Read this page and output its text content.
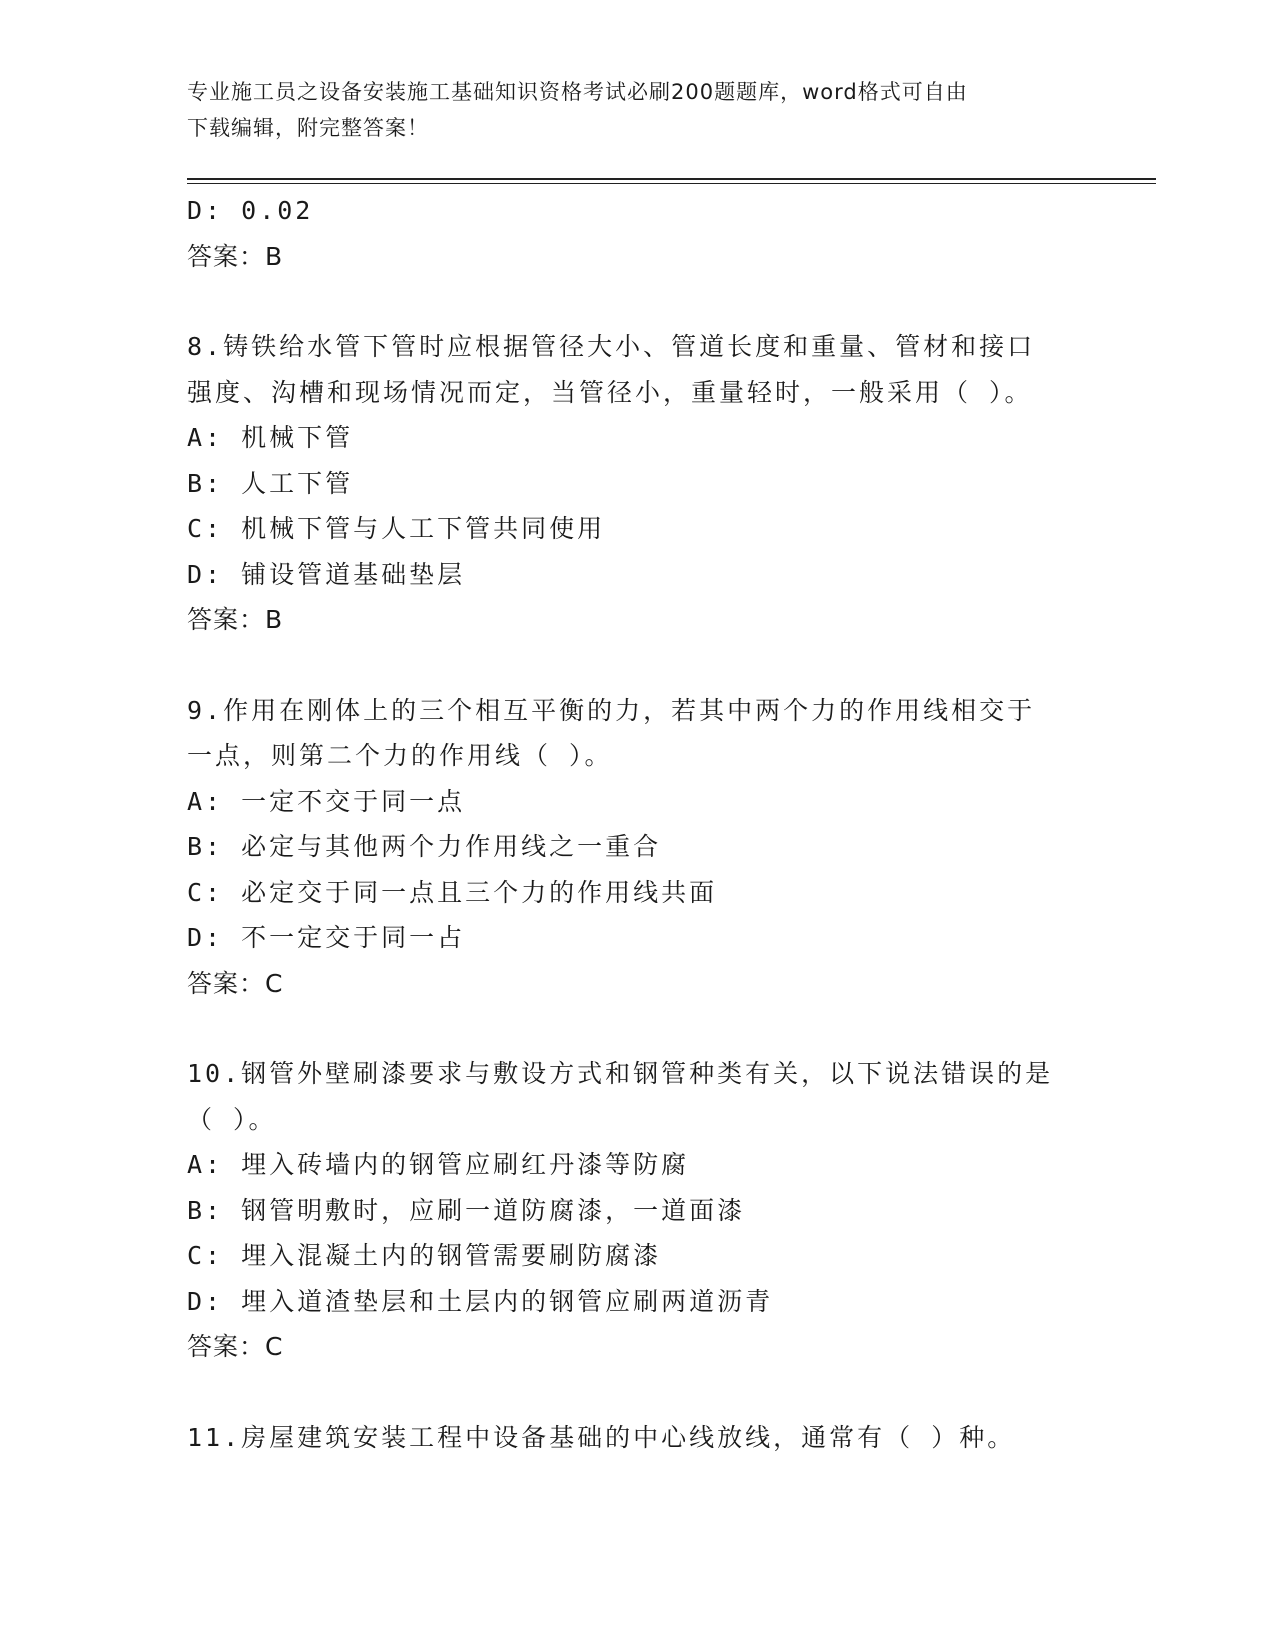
专业施工员之设备安装施工基础知识资格考试必刷200题题库，word格式可自由
下载编辑，附完整答案！
D: 0.02
答案：B
8.铸铁给水管下管时应根据管径大小、管道长度和重量、管材和接口
强度、沟槽和现场情况而定，当管径小，重量轻时，一般采用（ ）。
A: 机械下管
B: 人工下管
C: 机械下管与人工下管共同使用
D: 铺设管道基础垫层
答案：B
9.作用在刚体上的三个相互平衡的力，若其中两个力的作用线相交于
一点，则第二个力的作用线（ ）。
A: 一定不交于同一点
B: 必定与其他两个力作用线之一重合
C: 必定交于同一点且三个力的作用线共面
D: 不一定交于同一占
答案：C
10.钢管外壁刷漆要求与敷设方式和钢管种类有关，以下说法错误的是
（ ）。
A: 埋入砖墙内的钢管应刷红丹漆等防腐
B: 钢管明敷时，应刷一道防腐漆，一道面漆
C: 埋入混凝土内的钢管需要刷防腐漆
D: 埋入道渣垫层和土层内的钢管应刷两道沥青
答案：C
11.房屋建筑安装工程中设备基础的中心线放线，通常有（ ）种。
